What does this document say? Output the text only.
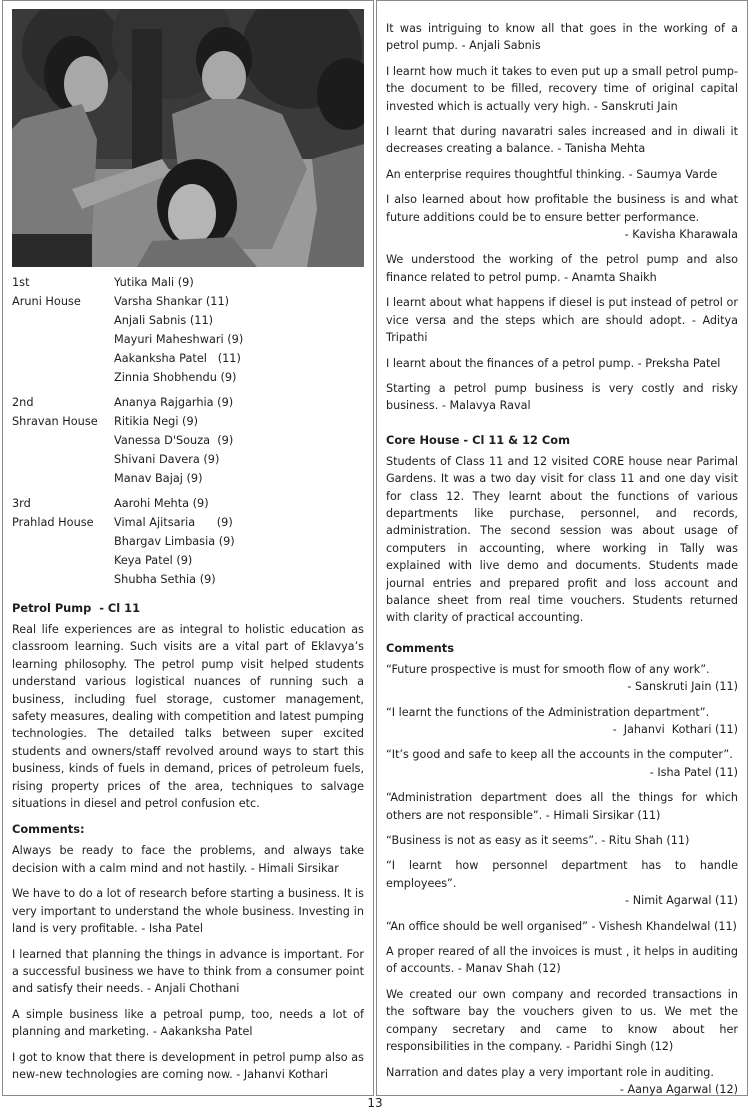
1st
Aruni House
Yutika Mali (9)
Varsha Shankar (11)
Anjali Sabnis (11)
Mayuri Maheshwari (9)
Aakanksha Patel   (11)
Zinnia Shobhendu (9)
2nd
Shravan House
Ananya Rajgarhia (9)
Ritikia Negi (9)
Vanessa D'Souza  (9)
Shivani Davera (9)
Manav Bajaj (9)
3rd
Prahlad House
Aarohi Mehta (9)
Vimal Ajitsaria      (9)
Bhargav Limbasia (9)
Keya Patel (9)
Shubha Sethia (9)
Petrol Pump  - Cl 11

Real life experiences are as integral to holistic education as classroom learning. Such visits are a vital part of Eklavya’s learning philosophy. The petrol pump visit helped students understand various logistical nuances of running such a business, including fuel storage, customer management, safety measures, dealing with competition and latest pumping technologies. The detailed talks between super excited students and owners/staff revolved around ways to start this business, kinds of fuels in demand, prices of petroleum fuels, rising property prices of the area, techniques to salvage situations in diesel and petrol confusion etc.

Comments:

Always be ready to face the problems, and always take decision with a calm mind and not hastily. - Himali Sirsikar

We have to do a lot of research before starting a business. It is very important to understand the whole business. Investing in land is very profitable. - Isha Patel

I learned that planning the things in advance is important. For a successful business we have to think from a consumer point and satisfy their needs. - Anjali Chothani

A simple business like a petroal pump, too, needs a lot of planning and marketing. - Aakanksha Patel

I got to know that there is development in petrol pump also as new-new technologies are coming now. - Jahanvi Kothari

It was intriguing to know all that goes in the working of a petrol pump. - Anjali Sabnis

I learnt how much it takes to even put up a small petrol pump- the document to be filled, recovery time of original capital invested which is actually very high. - Sanskruti Jain

I learnt that during navaratri sales increased and in diwali it decreases creating a balance. - Tanisha Mehta

An enterprise requires thoughtful thinking. - Saumya Varde

I also learned about how profitable the business is and what future additions could be to ensure better performance.
- Kavisha Kharawala

We understood the working of the petrol pump and also finance related to petrol pump. - Anamta Shaikh

I learnt about what happens if diesel is put instead of petrol or vice versa and the steps which are should adopt. - Aditya Tripathi

I learnt about the finances of a petrol pump. - Preksha Patel

Starting a petrol pump business is very costly and risky business. - Malavya Raval

Core House - Cl 11 & 12 Com

Students of Class 11 and 12 visited CORE house near Parimal Gardens. It was a two day visit for class 11 and one day visit for class 12. They learnt about the functions of various departments like purchase, personnel, and records, administration. The second session was about usage of computers in accounting, where working in Tally was explained with live demo and documents. Students made journal entries and prepared profit and loss account and balance sheet from real time vouchers. Students returned with clarity of practical accounting.

Comments

“Future prospective is must for smooth flow of any work”.
- Sanskruti Jain (11)

“I learnt the functions of the Administration department”.
-  Jahanvi  Kothari (11)

“It’s good and safe to keep all the accounts in the computer”.
- Isha Patel (11)

“Administration department does all the things for which others are not responsible”. - Himali Sirsikar (11)

“Business is not as easy as it seems”. - Ritu Shah (11)

“I learnt how personnel department has to handle employees”.
- Nimit Agarwal (11)

“An office should be well organised” - Vishesh Khandelwal (11)

A proper reared of all the invoices is must , it helps in auditing of accounts. - Manav Shah (12)

We created our own company and recorded transactions in the software bay the vouchers given to us. We met the company secretary and came to know about her responsibilities in the company. - Paridhi Singh (12)

Narration and dates play a very important role in auditing.
- Aanya Agarwal (12)

13
